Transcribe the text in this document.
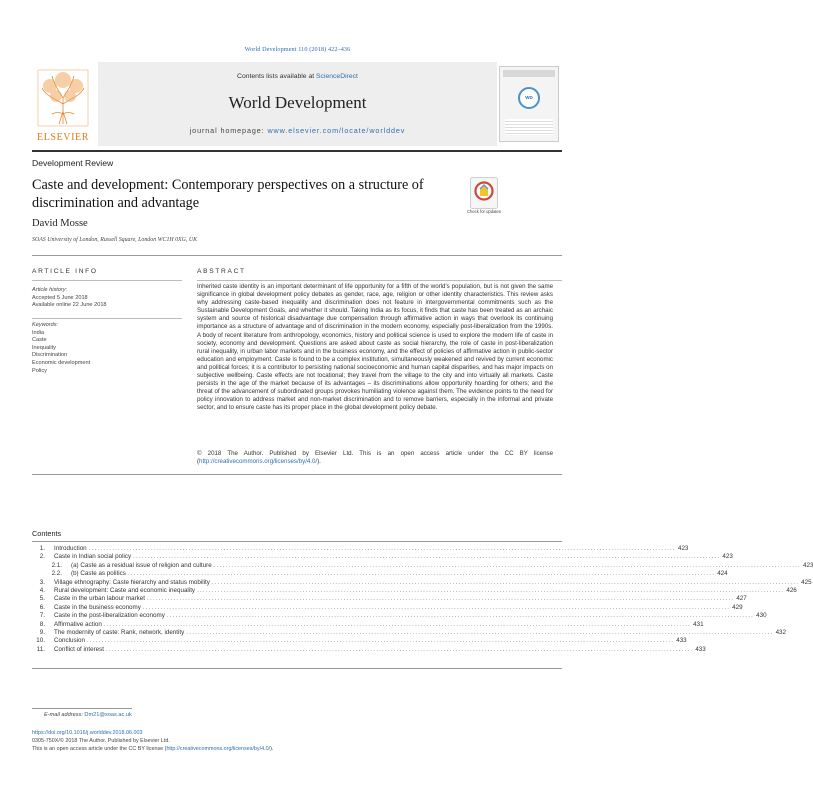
World Development 110 (2018) 422–436
ELSEVIER
Contents lists available at ScienceDirect
World Development
journal homepage: www.elsevier.com/locate/worlddev
WD
Development Review
Caste and development: Contemporary perspectives on a structure of discrimination and advantage
Check for updates
David Mosse
SOAS University of London, Russell Square, London WC1H 0XG, UK
ARTICLE INFO	ABSTRACT
Article history:
Accepted 5 June 2018
Available online 22 June 2018
Keywords:
India
Caste
Inequality
Discrimination
Economic development
Policy
Inherited caste identity is an important determinant of life opportunity for a fifth of the world's population, but is not given the same significance in global development policy debates as gender, race, age, religion or other identity characteristics. This review asks why addressing caste-based inequality and discrimination does not feature in intergovernmental commitments such as the Sustainable Development Goals, and whether it should. Taking India as its focus, it finds that caste has been treated as an archaic system and source of historical disadvantage due compensation through affirmative action in ways that overlook its continuing importance as a structure of advantage and of discrimination in the modern economy, especially post-liberalization from the 1990s. A body of recent literature from anthropology, economics, history and political science is used to explore the modern life of caste in society, economy and development. Questions are asked about caste as social hierarchy, the role of caste in post-liberalization rural inequality, in urban labor markets and in the business economy, and the effect of policies of affirmative action in public-sector education and employment. Caste is found to be a complex institution, simultaneously weakened and revived by current economic and political forces; it is a contributor to persisting national socioeconomic and human capital disparities, and has major impacts on subjective wellbeing. Caste effects are not locational; they travel from the village to the city and into virtually all markets. Caste persists in the age of the market because of its advantages – its discriminations allow opportunity hoarding for others; and the threat of the advancement of subordinated groups provokes humiliating violence against them. The evidence points to the need for policy innovation to address market and non-market discrimination and to remove barriers, especially in the informal and private sector, and to ensure caste has its proper place in the global development policy debate.
© 2018 The Author. Published by Elsevier Ltd. This is an open access article under the CC BY license (http://creativecommons.org/licenses/by/4.0/).
Contents
1. Introduction ........................................................................................................................................................................................................ 423
2. Caste in Indian social policy ........................................................................................................................................................................................................ 423
2.1. (a) Caste as a residual issue of religion and culture ........................................................................................................................................................................................................ 423
2.2. (b) Caste as politics ........................................................................................................................................................................................................ 424
3. Village ethnography: Caste hierarchy and status mobility ........................................................................................................................................................................................................ 425
4. Rural development: Caste and economic inequality ........................................................................................................................................................................................................ 426
5. Caste in the urban labour market ........................................................................................................................................................................................................ 427
6. Caste in the business economy ........................................................................................................................................................................................................ 429
7. Caste in the post-liberalization economy ........................................................................................................................................................................................................ 430
8. Affirmative action ........................................................................................................................................................................................................ 431
9. The modernity of caste: Rank, network, identity ........................................................................................................................................................................................................ 432
10. Conclusion ........................................................................................................................................................................................................ 433
11. Conflict of interest ........................................................................................................................................................................................................ 433
E-mail address: Dm21@soas.ac.uk
https://doi.org/10.1016/j.worlddev.2018.06.003
0305-750X/© 2018 The Author. Published by Elsevier Ltd.
This is an open access article under the CC BY license (http://creativecommons.org/licenses/by/4.0/).
